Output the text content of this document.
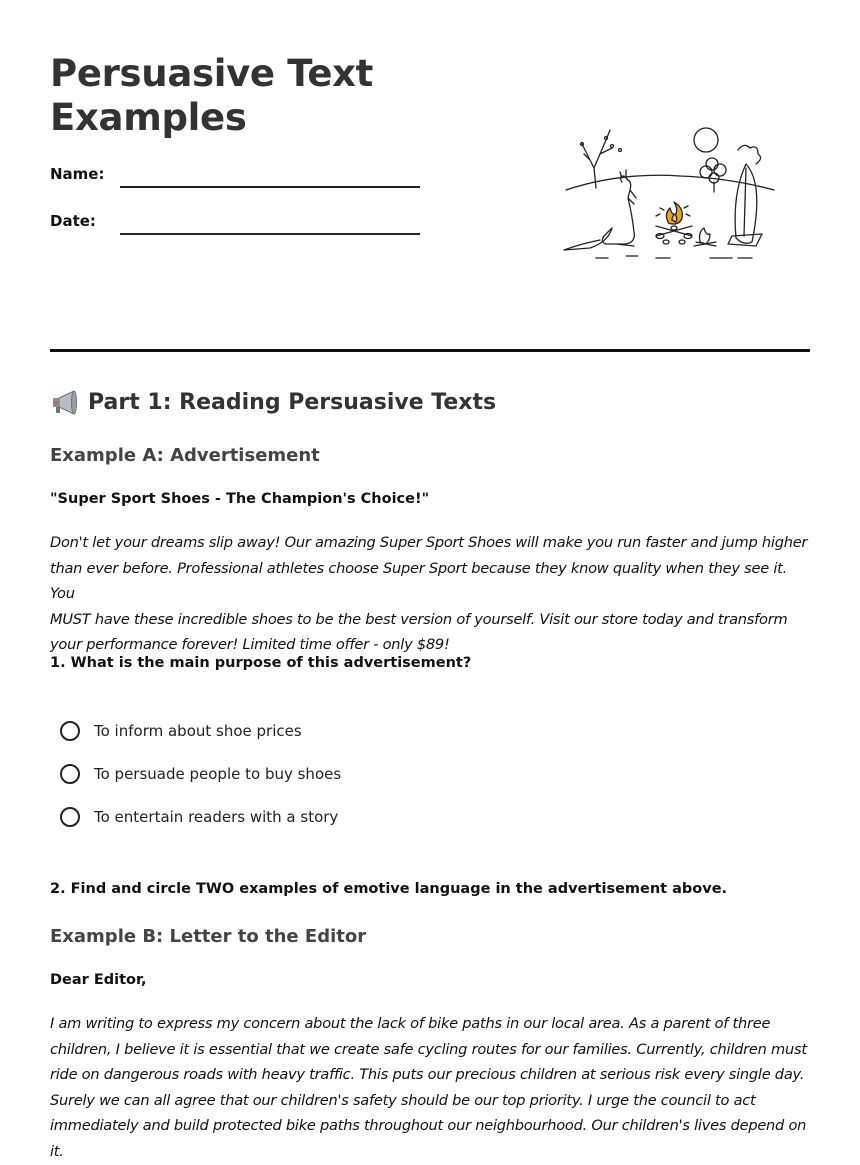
Persuasive Text
Examples
Name:
Date:
Part 1: Reading Persuasive Texts
Example A: Advertisement
"Super Sport Shoes - The Champion's Choice!"
Don't let your dreams slip away! Our amazing Super Sport Shoes will make you run faster and jump higher
than ever before. Professional athletes choose Super Sport because they know quality when they see it. You
MUST have these incredible shoes to be the best version of yourself. Visit our store today and transform
your performance forever! Limited time offer - only $89!
1. What is the main purpose of this advertisement?
To inform about shoe prices
To persuade people to buy shoes
To entertain readers with a story
2. Find and circle TWO examples of emotive language in the advertisement above.
Example B: Letter to the Editor
Dear Editor,
I am writing to express my concern about the lack of bike paths in our local area. As a parent of three
children, I believe it is essential that we create safe cycling routes for our families. Currently, children must
ride on dangerous roads with heavy traffic. This puts our precious children at serious risk every single day.
Surely we can all agree that our children's safety should be our top priority. I urge the council to act
immediately and build protected bike paths throughout our neighbourhood. Our children's lives depend on
it.
